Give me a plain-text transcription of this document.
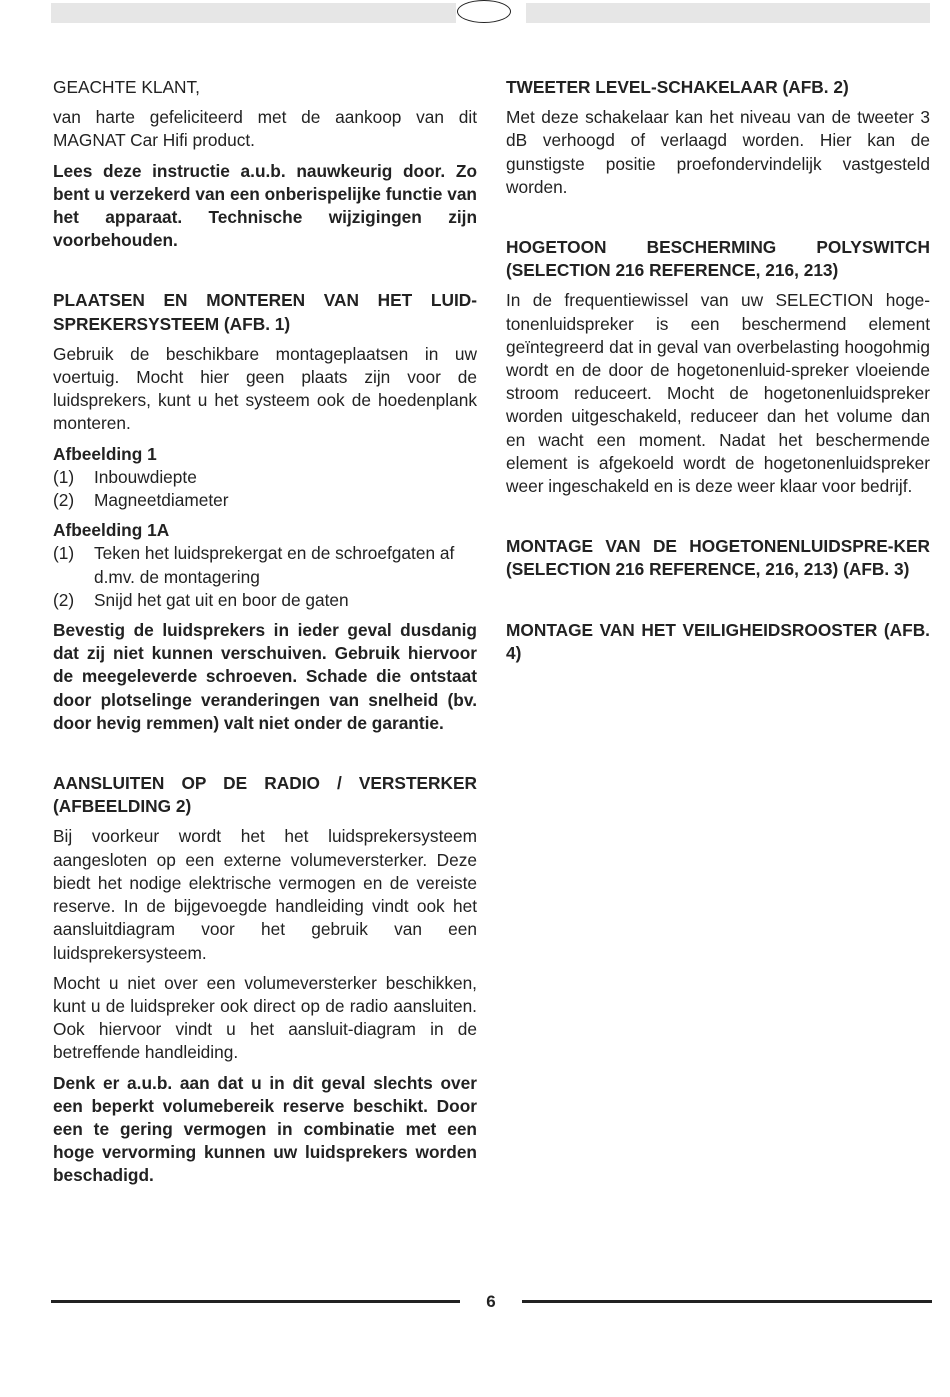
GEACHTE KLANT,

van harte gefeliciteerd met de aankoop van dit MAGNAT Car Hifi product.

Lees deze instructie a.u.b. nauwkeurig door. Zo bent u verzekerd van een onberispelijke functie van het apparaat. Technische wijzigingen zijn voorbehouden.

PLAATSEN EN MONTEREN VAN HET LUID-SPREKERSYSTEEM (AFB. 1)

Gebruik de beschikbare montageplaatsen in uw voertuig. Mocht hier geen plaats zijn voor de luidsprekers, kunt u het systeem ook de hoedenplank monteren.

Afbeelding 1
(1)	Inbouwdiepte
(2)	Magneetdiameter
Afbeelding 1A
(1)	Teken het luidsprekergat en de schroefgaten af d.mv. de montagering
(2)	Snijd het gat uit en boor de gaten

Bevestig de luidsprekers in ieder geval dusdanig dat zij niet kunnen verschuiven. Gebruik hiervoor de meegeleverde schroeven. Schade die ontstaat door plotselinge veranderingen van snelheid (bv. door hevig remmen) valt niet onder de garantie.

AANSLUITEN OP DE RADIO / VERSTERKER (AFBEELDING 2)

Bij voorkeur wordt het het luidsprekersysteem aangesloten op een externe volumeversterker. Deze biedt het nodige elektrische vermogen en de vereiste reserve. In de bijgevoegde handleiding vindt ook het aansluitdiagram voor het gebruik van een luidsprekersysteem.

Mocht u niet over een volumeversterker beschikken, kunt u de luidspreker ook direct op de radio aansluiten. Ook hiervoor vindt u het aansluit-diagram in de betreffende handleiding.

Denk er a.u.b. aan dat u in dit geval slechts over een beperkt volumebereik reserve beschikt. Door een te gering vermogen in combinatie met een hoge vervorming kunnen uw luidsprekers worden beschadigd.

TWEETER LEVEL-SCHAKELAAR (AFB. 2)

Met deze schakelaar kan het niveau van de tweeter 3 dB verhoogd of verlaagd worden. Hier kan de gunstigste positie proefondervindelijk vastgesteld worden.

HOGETOON BESCHERMING POLYSWITCH (SELECTION 216 REFERENCE, 216, 213)

In de frequentiewissel van uw SELECTION hoge-tonenluidspreker is een beschermend element geïntegreerd dat in geval van overbelasting hoogohmig wordt en de door de hogetonenluid-spreker vloeiende stroom reduceert. Mocht de hogetonenluidspreker worden uitgeschakeld, reduceer dan het volume dan en wacht een moment. Nadat het beschermende element is afgekoeld wordt de hogetonenluidspreker weer ingeschakeld en is deze weer klaar voor bedrijf.

MONTAGE VAN DE HOGETONENLUIDSPRE-KER (SELECTION 216 REFERENCE, 216, 213) (AFB. 3)
MONTAGE VAN HET VEILIGHEIDSROOSTER (AFB. 4)
6
